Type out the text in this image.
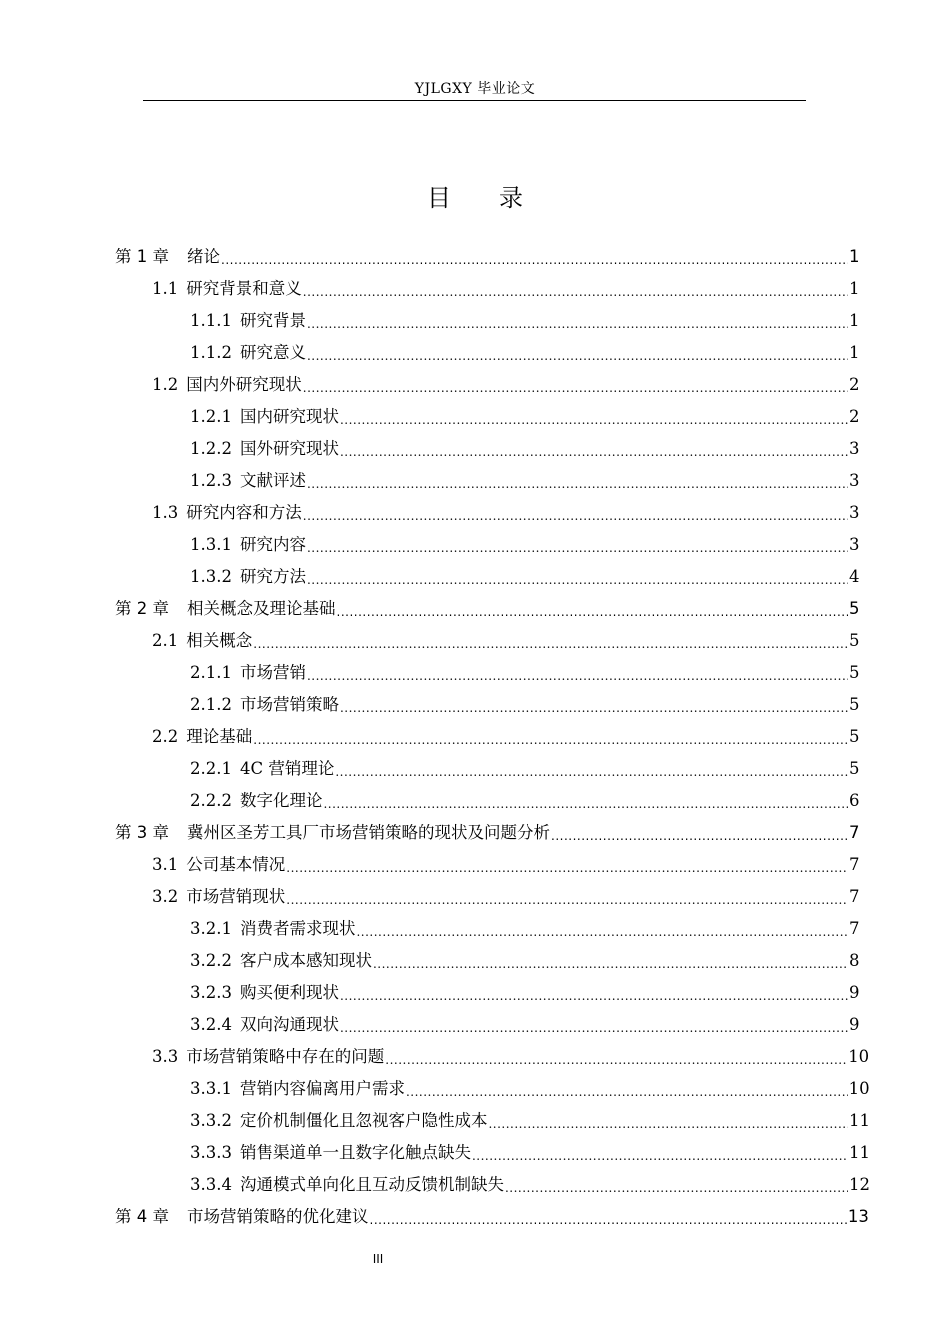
YJLGXY 毕业论文
目 录
第 1 章 绪论 .....	1
1.1 研究背景和意义 .....	1
1.1.1 研究背景 .....	1
1.1.2 研究意义 .....	1
1.2 国内外研究现状 .....	2
1.2.1 国内研究现状 .....	2
1.2.2 国外研究现状 .....	3
1.2.3 文献评述 .....	3
1.3 研究内容和方法 .....	3
1.3.1 研究内容 .....	3
1.3.2 研究方法 .....	4
第 2 章 相关概念及理论基础 .....	5
2.1 相关概念 .....	5
2.1.1 市场营销 .....	5
2.1.2 市场营销策略 .....	5
2.2 理论基础 .....	5
2.2.1 4C 营销理论 .....	5
2.2.2 数字化理论 .....	6
第 3 章 冀州区圣芳工具厂市场营销策略的现状及问题分析 .....	7
3.1 公司基本情况 .....	7
3.2 市场营销现状 .....	7
3.2.1 消费者需求现状 .....	7
3.2.2 客户成本感知现状 .....	8
3.2.3 购买便利现状 .....	9
3.2.4 双向沟通现状 .....	9
3.3 市场营销策略中存在的问题 .....	10
3.3.1 营销内容偏离用户需求 .....	10
3.3.2 定价机制僵化且忽视客户隐性成本 .....	11
3.3.3 销售渠道单一且数字化触点缺失 .....	11
3.3.4 沟通模式单向化且互动反馈机制缺失 .....	12
第 4 章 市场营销策略的优化建议 .....	13
III
